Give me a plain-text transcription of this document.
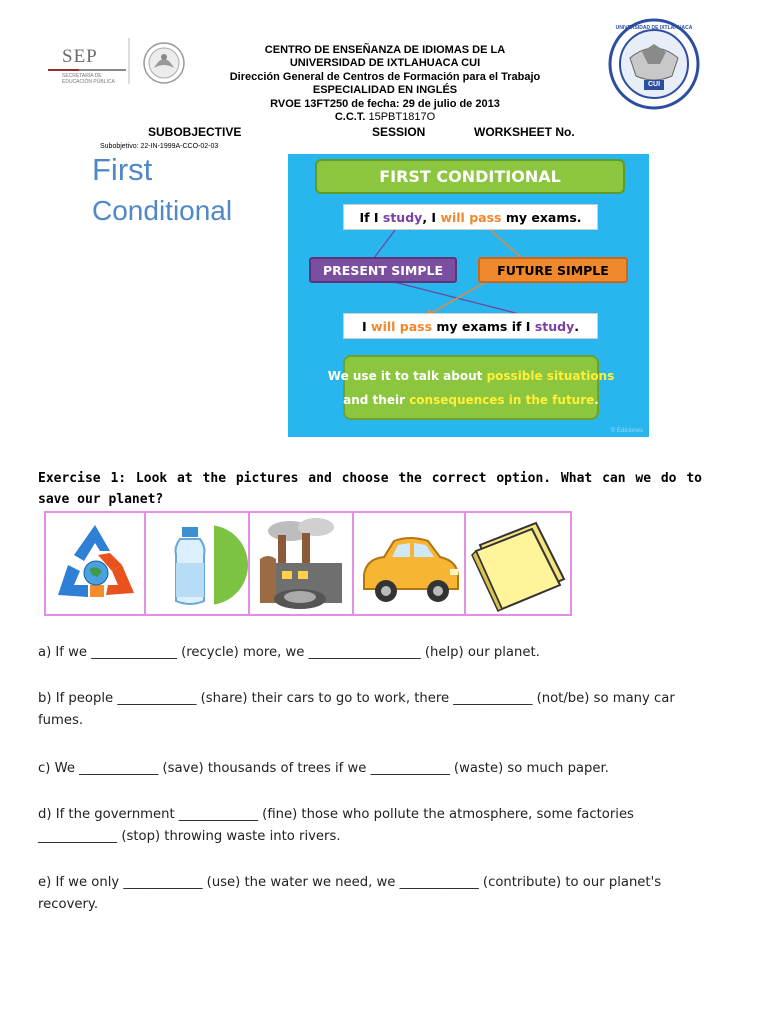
SEP
SECRETARÍA DE
EDUCACIÓN PÚBLICA
CENTRO DE ENSEÑANZA DE IDIOMAS DE LA
UNIVERSIDAD DE IXTLAHUACA CUI
Dirección General de Centros de Formación para el Trabajo
ESPECIALIDAD EN INGLÉS
RVOE 13FT250 de fecha: 29 de julio de 2013
C.C.T. 15PBT1817O
UNIVERSIDAD DE IXTLAHUACA
CUI
SUBOBJECTIVE	SESSION	WORKSHEET No.
Subobjetivo: 22-IN-1999A-CCO-02-03
First
Conditional
FIRST CONDITIONAL
If I
study , I
will pass
my exams.
PRESENT SIMPLE	FUTURE SIMPLE
I
will pass
my exams if I
study .
We use it to talk about possible situations
and their consequences in the future.
© Ediciones
Exercise 1: Look at the pictures and choose the correct option. What can we do to save our planet?
a) If we _____________ (recycle) more, we _________________ (help) our planet.
b) If people ____________ (share) their cars to go to work, there ____________ (not/be) so many car fumes.
c) We ____________ (save) thousands of trees if we ____________ (waste) so much paper.
d) If the government ____________ (fine) those who pollute the atmosphere, some factories ____________ (stop) throwing waste into rivers.
e) If we only ____________ (use) the water we need, we ____________ (contribute) to our planet's recovery.
